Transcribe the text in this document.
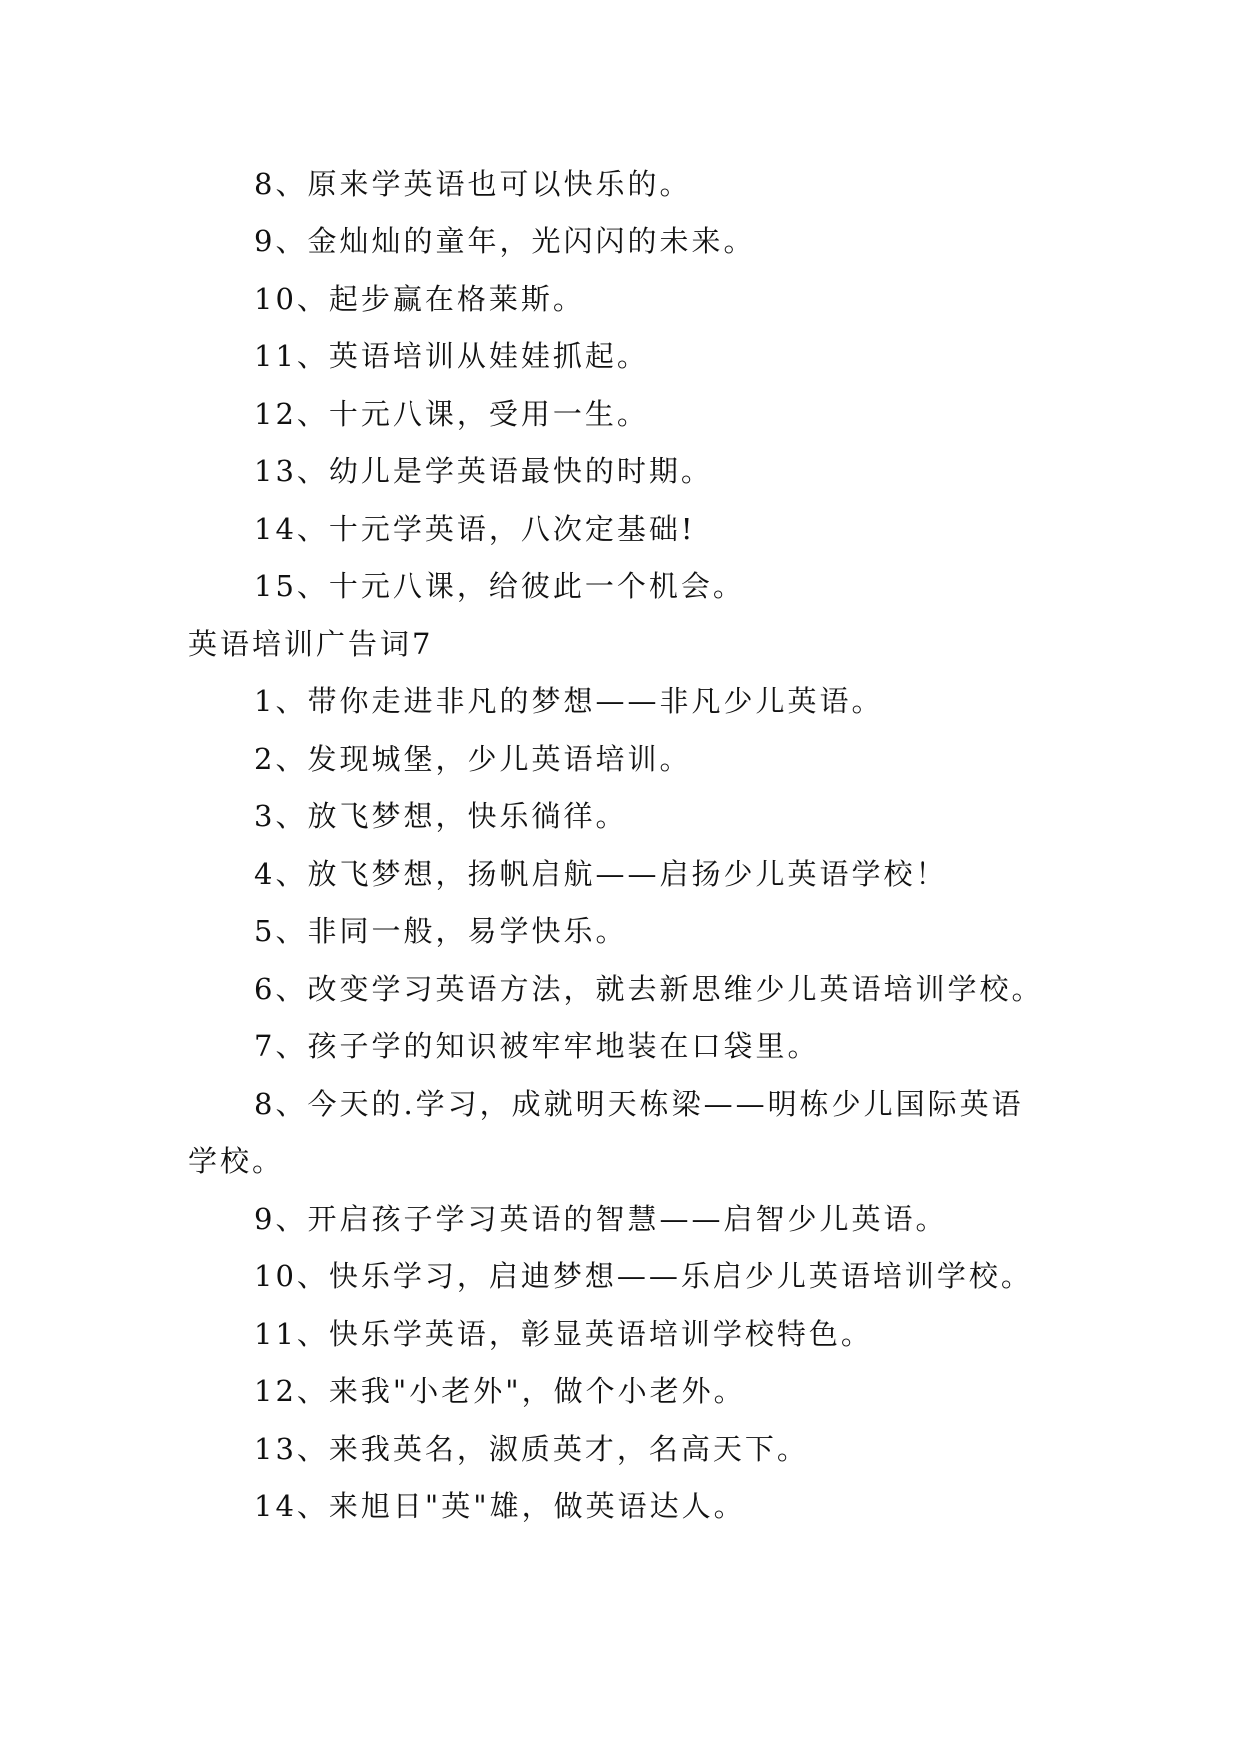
8、原来学英语也可以快乐的。
9、金灿灿的童年，光闪闪的未来。
10、起步赢在格莱斯。
11、英语培训从娃娃抓起。
12、十元八课，受用一生。
13、幼儿是学英语最快的时期。
14、十元学英语，八次定基础!
15、十元八课，给彼此一个机会。
英语培训广告词7
1、带你走进非凡的梦想——非凡少儿英语。
2、发现城堡，少儿英语培训。
3、放飞梦想，快乐徜徉。
4、放飞梦想，扬帆启航——启扬少儿英语学校！
5、非同一般，易学快乐。
6、改变学习英语方法，就去新思维少儿英语培训学校。
7、孩子学的知识被牢牢地装在口袋里。
8、今天的.学习，成就明天栋梁——明栋少儿国际英语
学校。
9、开启孩子学习英语的智慧——启智少儿英语。
10、快乐学习，启迪梦想——乐启少儿英语培训学校。
11、快乐学英语，彰显英语培训学校特色。
12、来我"小老外"，做个小老外。
13、来我英名，淑质英才，名高天下。
14、来旭日"英"雄，做英语达人。
